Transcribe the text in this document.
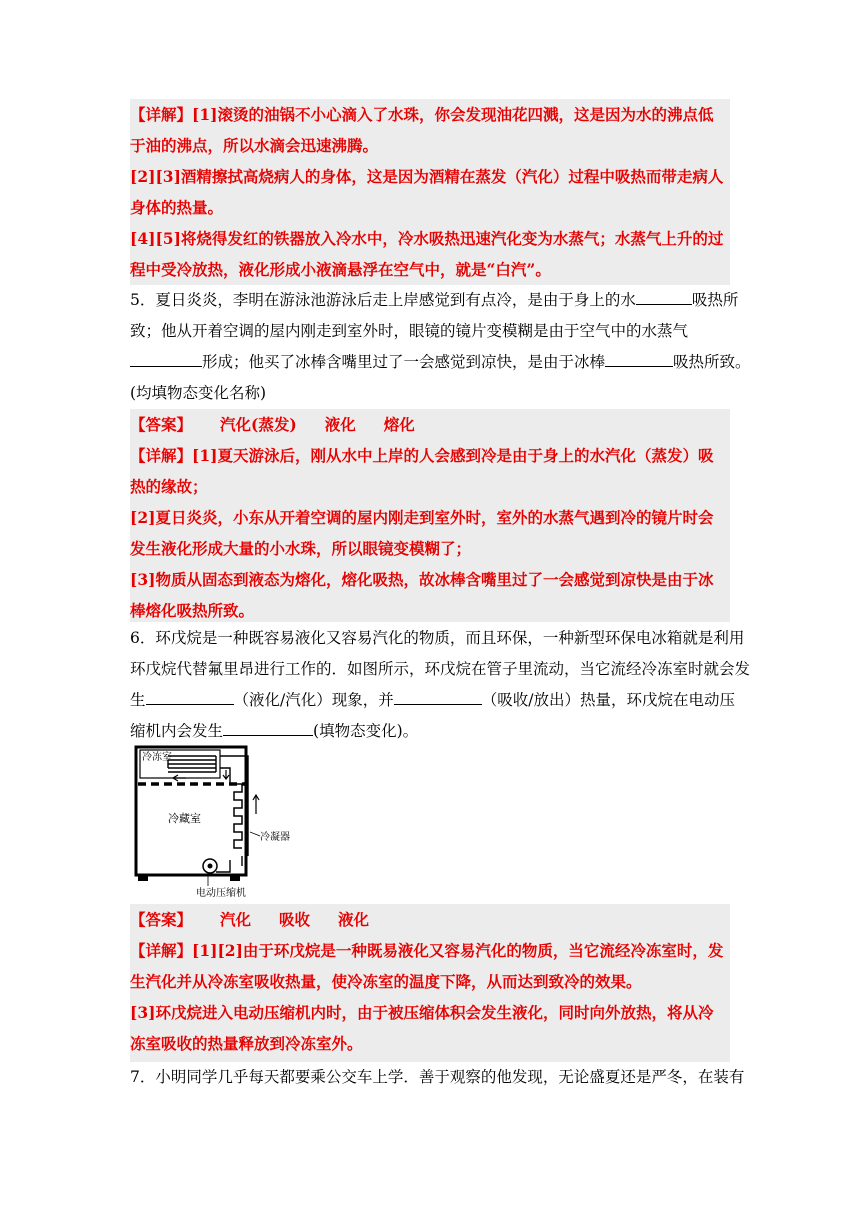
【详解】[1]滚烫的油锅不小心滴入了水珠，你会发现油花四溅，这是因为水的沸点低
于油的沸点，所以水滴会迅速沸腾。
[2][3]酒精擦拭高烧病人的身体，这是因为酒精在蒸发（汽化）过程中吸热而带走病人
身体的热量。
[4][5]将烧得发红的铁器放入冷水中，冷水吸热迅速汽化变为水蒸气；水蒸气上升的过
程中受冷放热，液化形成小液滴悬浮在空气中，就是“白汽”。
5．夏日炎炎，李明在游泳池游泳后走上岸感觉到有点冷，是由于身上的水	吸热所
致；他从开着空调的屋内刚走到室外时，眼镜的镜片变模糊是由于空气中的水蒸气
形成；他买了冰棒含嘴里过了一会感觉到凉快，是由于冰棒	吸热所致。
(均填物态变化名称)
【答案】 汽化(蒸发) 液化 熔化
【详解】[1]夏天游泳后，刚从水中上岸的人会感到冷是由于身上的水汽化（蒸发）吸
热的缘故；
[2]夏日炎炎，小东从开着空调的屋内刚走到室外时，室外的水蒸气遇到冷的镜片时会
发生液化形成大量的小水珠，所以眼镜变模糊了；
[3]物质从固态到液态为熔化，熔化吸热，故冰棒含嘴里过了一会感觉到凉快是由于冰
棒熔化吸热所致。
6．环戊烷是一种既容易液化又容易汽化的物质，而且环保，一种新型环保电冰箱就是利用
环戊烷代替氟里昂进行工作的．如图所示，环戊烷在管子里流动，当它流经冷冻室时就会发
生	（液化/汽化）现象，并	（吸收/放出）热量，环戊烷在电动压
缩机内会发生	(填物态变化)。
冷冻室
冷藏室
冷凝器
电动压缩机
【答案】 汽化 吸收 液化
【详解】[1][2]由于环戊烷是一种既易液化又容易汽化的物质，当它流经冷冻室时，发
生汽化并从冷冻室吸收热量，使冷冻室的温度下降，从而达到致冷的效果。
[3]环戊烷进入电动压缩机内时，由于被压缩体积会发生液化，同时向外放热，将从冷
冻室吸收的热量释放到冷冻室外。
7．小明同学几乎每天都要乘公交车上学．善于观察的他发现，无论盛夏还是严冬，在装有
